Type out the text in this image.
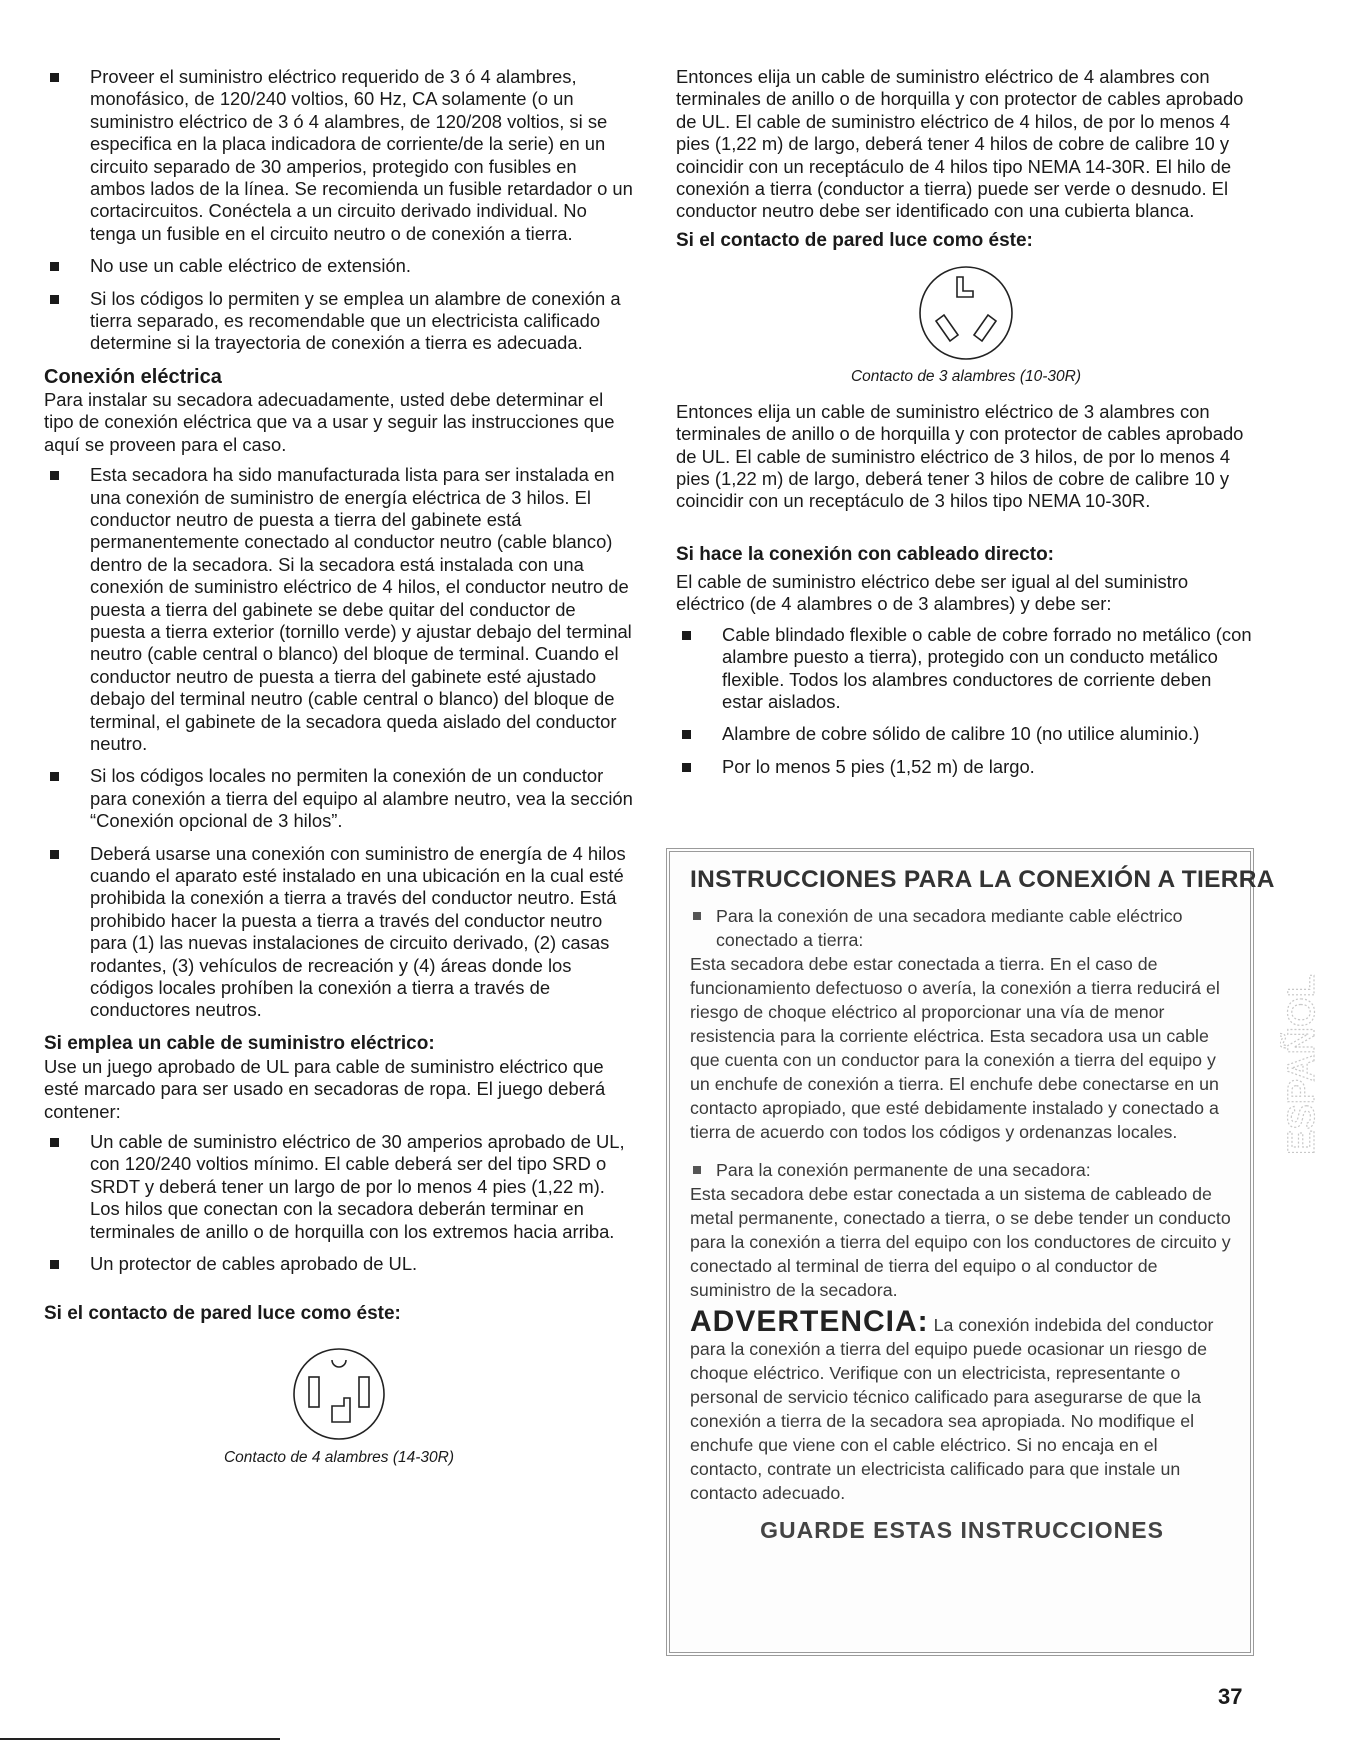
Proveer el suministro eléctrico requerido de 3 ó 4 alambres, monofásico, de 120/240 voltios, 60 Hz, CA solamente (o un suministro eléctrico de 3 ó 4 alambres, de 120/208 voltios, si se especifica en la placa indicadora de corriente/de la serie) en un circuito separado de 30 amperios, protegido con fusibles en ambos lados de la línea. Se recomienda un fusible retardador o un cortacircuitos. Conéctela a un circuito derivado individual. No tenga un fusible en el circuito neutro o de conexión a tierra.
No use un cable eléctrico de extensión.
Si los códigos lo permiten y se emplea un alambre de conexión a tierra separado, es recomendable que un electricista calificado determine si la trayectoria de conexión a tierra es adecuada.
Conexión eléctrica

Para instalar su secadora adecuadamente, usted debe determinar el tipo de conexión eléctrica que va a usar y seguir las instrucciones que aquí se proveen para el caso.

Esta secadora ha sido manufacturada lista para ser instalada en una conexión de suministro de energía eléctrica de 3 hilos. El conductor neutro de puesta a tierra del gabinete está permanentemente conectado al conductor neutro (cable blanco) dentro de la secadora. Si la secadora está instalada con una conexión de suministro eléctrico de 4 hilos, el conductor neutro de puesta a tierra del gabinete se debe quitar del conductor de puesta a tierra exterior (tornillo verde) y ajustar debajo del terminal neutro (cable central o blanco) del bloque de terminal. Cuando el conductor neutro de puesta a tierra del gabinete esté ajustado debajo del terminal neutro (cable central o blanco) del bloque de terminal, el gabinete de la secadora queda aislado del conductor neutro.
Si los códigos locales no permiten la conexión de un conductor para conexión a tierra del equipo al alambre neutro, vea la sección “Conexión opcional de 3 hilos”.
Deberá usarse una conexión con suministro de energía de 4 hilos cuando el aparato esté instalado en una ubicación en la cual esté prohibida la conexión a tierra a través del conductor neutro. Está prohibido hacer la puesta a tierra a través del conductor neutro para (1) las nuevas instalaciones de circuito derivado, (2) casas rodantes, (3) vehículos de recreación y (4) áreas donde los códigos locales prohíben la conexión a tierra a través de conductores neutros.
Si emplea un cable de suministro eléctrico:

Use un juego aprobado de UL para cable de suministro eléctrico que esté marcado para ser usado en secadoras de ropa. El juego deberá contener:

Un cable de suministro eléctrico de 30 amperios aprobado de UL, con 120/240 voltios mínimo. El cable deberá ser del tipo SRD o SRDT y deberá tener un largo de por lo menos 4 pies (1,22 m). Los hilos que conectan con la secadora deberán terminar en terminales de anillo o de horquilla con los extremos hacia arriba.
Un protector de cables aprobado de UL.
Si el contacto de pared luce como éste:
Contacto de 4 alambres (14-30R)

Entonces elija un cable de suministro eléctrico de 4 alambres con terminales de anillo o de horquilla y con protector de cables aprobado de UL. El cable de suministro eléctrico de 4 hilos, de por lo menos 4 pies (1,22 m) de largo, deberá tener 4 hilos de cobre de calibre 10 y coincidir con un receptáculo de 4 hilos tipo NEMA 14-30R. El hilo de conexión a tierra (conductor a tierra) puede ser verde o desnudo. El conductor neutro debe ser identificado con una cubierta blanca.

Si el contacto de pared luce como éste:
Contacto de 3 alambres (10-30R)

Entonces elija un cable de suministro eléctrico de 3 alambres con terminales de anillo o de horquilla y con protector de cables aprobado de UL. El cable de suministro eléctrico de 3 hilos, de por lo menos 4 pies (1,22 m) de largo, deberá tener 3 hilos de cobre de calibre 10 y coincidir con un receptáculo de 3 hilos tipo NEMA 10-30R.

Si hace la conexión con cableado directo:

El cable de suministro eléctrico debe ser igual al del suministro eléctrico (de 4 alambres o de 3 alambres) y debe ser:

Cable blindado flexible o cable de cobre forrado no metálico (con alambre puesto a tierra), protegido con un conducto metálico flexible. Todos los alambres conductores de corriente deben estar aislados.
Alambre de cobre sólido de calibre 10 (no utilice aluminio.)
Por lo menos 5 pies (1,52 m) de largo.
INSTRUCCIONES PARA LA CONEXIÓN A TIERRA

Para la conexión de una secadora mediante cable eléctrico conectado a tierra:

Esta secadora debe estar conectada a tierra. En el caso de funcionamiento defectuoso o avería, la conexión a tierra reducirá el riesgo de choque eléctrico al proporcionar una vía de menor resistencia para la corriente eléctrica. Esta secadora usa un cable que cuenta con un conductor para la conexión a tierra del equipo y un enchufe de conexión a tierra. El enchufe debe conectarse en un contacto apropiado, que esté debidamente instalado y conectado a tierra de acuerdo con todos los códigos y ordenanzas locales.

Para la conexión permanente de una secadora:

Esta secadora debe estar conectada a un sistema de cableado de metal permanente, conectado a tierra, o se debe tender un conducto para la conexión a tierra del equipo con los conductores de circuito y conectado al terminal de tierra del equipo o al conductor de suministro de la secadora.

ADVERTENCIA: La conexión indebida del conductor para la conexión a tierra del equipo puede ocasionar un riesgo de choque eléctrico. Verifique con un electricista, representante o personal de servicio técnico calificado para asegurarse de que la conexión a tierra de la secadora sea apropiada. No modifique el enchufe que viene con el cable eléctrico. Si no encaja en el contacto, contrate un electricista calificado para que instale un contacto adecuado.

GUARDE ESTAS INSTRUCCIONES
ESPAÑOL
37
